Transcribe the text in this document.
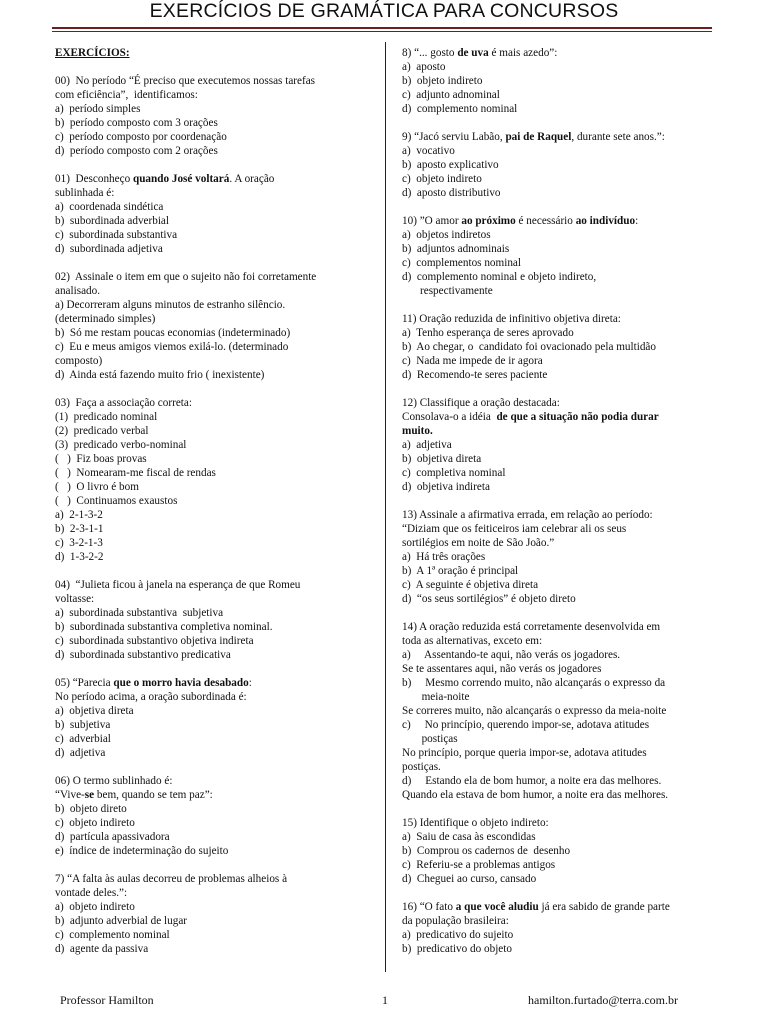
EXERCÍCIOS DE GRAMÁTICA PARA CONCURSOS
EXERCÍCIOS:
00)  No período “É preciso que executemos nossas tarefas
com eficiência”,  identificamos:
a)  período simples
b)  período composto com 3 orações
c)  período composto por coordenação
d)  período composto com 2 orações
01)  Desconheço quando José voltará. A oração
sublinhada é:
a)  coordenada sindética
b)  subordinada adverbial
c)  subordinada substantiva
d)  subordinada adjetiva
02)  Assinale o item em que o sujeito não foi corretamente
analisado.
a) Decorreram alguns minutos de estranho silêncio.
(determinado simples)
b)  Só me restam poucas economias (indeterminado)
c)  Eu e meus amigos viemos exilá-lo. (determinado
composto)
d)  Ainda está fazendo muito frio ( inexistente)
03)  Faça a associação correta:
(1)  predicado nominal
(2)  predicado verbal
(3)  predicado verbo-nominal
(   )  Fiz boas provas
(   )  Nomearam-me fiscal de rendas
(   )  O livro é bom
(   )  Continuamos exaustos
a)  2-1-3-2
b)  2-3-1-1
c)  3-2-1-3
d)  1-3-2-2
04)  “Julieta ficou à janela na esperança de que Romeu
voltasse:
a)  subordinada substantiva  subjetiva
b)  subordinada substantiva completiva nominal.
c)  subordinada substantivo objetiva indireta
d)  subordinada substantivo predicativa
05) “Parecia que o morro havia desabado:
No período acima, a oração subordinada é:
a)  objetiva direta
b)  subjetiva
c)  adverbial
d)  adjetiva
06) O termo sublinhado é:
“Vive-se bem, quando se tem paz”:
b)  objeto direto
c)  objeto indireto
d)  partícula apassivadora
e)  índice de indeterminação do sujeito
7) “A falta às aulas decorreu de problemas alheios à
vontade deles.”:
a)  objeto indireto
b)  adjunto adverbial de lugar
c)  complemento nominal
d)  agente da passiva
8) “... gosto de uva é mais azedo”:
a)  aposto
b)  objeto indireto
c)  adjunto adnominal
d)  complemento nominal
9) “Jacó serviu Labão, pai de Raquel, durante sete anos.”:
a)  vocativo
b)  aposto explicativo
c)  objeto indireto
d)  aposto distributivo
10) ”O amor ao próximo é necessário ao indivíduo:
a)  objetos indiretos
b)  adjuntos adnominais
c)  complementos nominal
d)  complemento nominal e objeto indireto,
respectivamente
11) Oração reduzida de infinitivo objetiva direta:
a)  Tenho esperança de seres aprovado
b)  Ao chegar, o  candidato foi ovacionado pela multidão
c)  Nada me impede de ir agora
d)  Recomendo-te seres paciente
12) Classifique a oração destacada:
Consolava-o a idéia  de que a situação não podia durar
muito.
a)  adjetiva
b)  objetiva direta
c)  completiva nominal
d)  objetiva indireta
13) Assinale a afirmativa errada, em relação ao período:
“Diziam que os feiticeiros iam celebrar ali os seus
sortilégios em noite de São João.”
a)  Há três orações
b)  A 1ª oração é principal
c)  A seguinte é objetiva direta
d)  “os seus sortilégios” é objeto direto
14) A oração reduzida está corretamente desenvolvida em
toda as alternativas, exceto em:
a)     Assentando-te aqui, não verás os jogadores.
Se te assentares aqui, não verás os jogadores
b)     Mesmo correndo muito, não alcançarás o expresso da
meia-noite
Se correres muito, não alcançarás o expresso da meia-noite
c)     No princípio, querendo impor-se, adotava atitudes
postiças
No princípio, porque queria impor-se, adotava atitudes
postiças.
d)     Estando ela de bom humor, a noite era das melhores.
Quando ela estava de bom humor, a noite era das melhores.
15) Identifique o objeto indireto:
a)  Saiu de casa às escondidas
b)  Comprou os cadernos de  desenho
c)  Referiu-se a problemas antigos
d)  Cheguei ao curso, cansado
16) “O fato a que você aludiu já era sabido de grande parte
da população brasileira:
a)  predicativo do sujeito
b)  predicativo do objeto
Professor Hamilton	1	hamilton.furtado@terra.com.br
